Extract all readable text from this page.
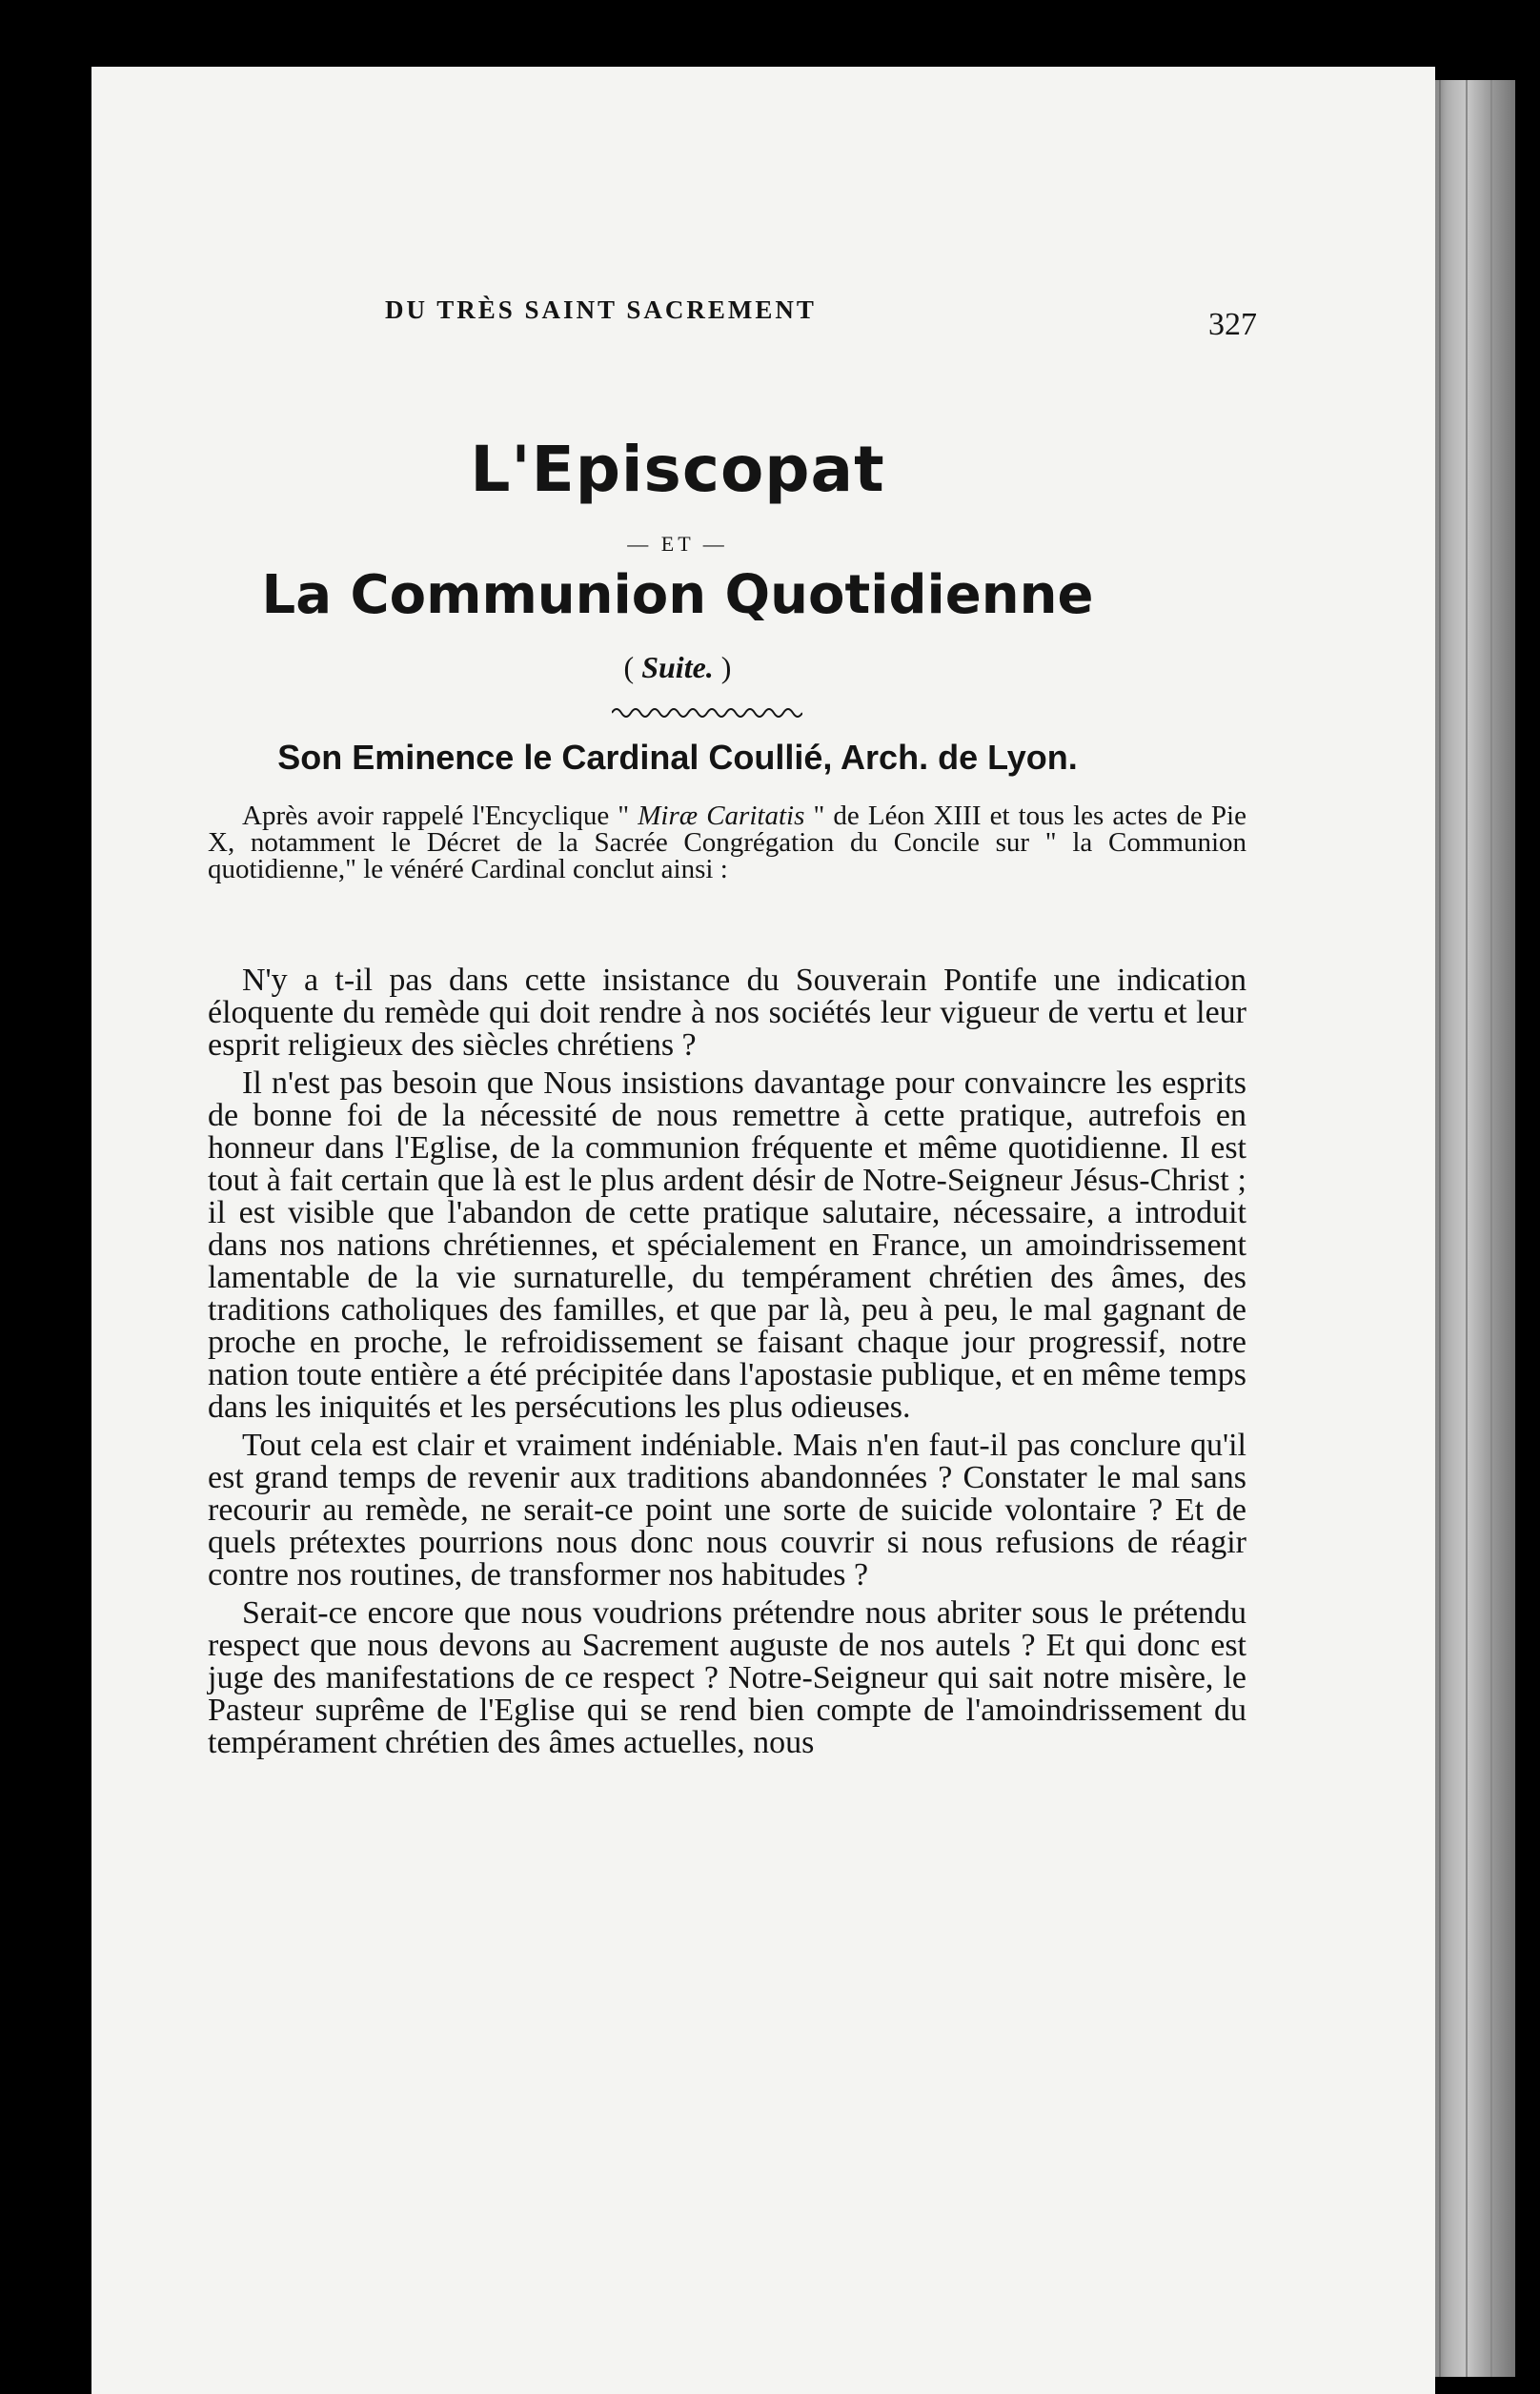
DU TRÈS SAINT SACREMENT	327
L'Episcopat
— ET —
La Communion Quotidienne
( Suite. )
Son Eminence le Cardinal Coullié, Arch. de Lyon.

Après avoir rappelé l'Encyclique " Miræ Caritatis " de Léon XIII et tous les actes de Pie X, notamment le Décret de la Sacrée Congrégation du Concile sur " la Communion quotidienne," le vénéré Cardinal conclut ainsi :

N'y a t-il pas dans cette insistance du Souverain Pontife une indication éloquente du remède qui doit rendre à nos sociétés leur vigueur de vertu et leur esprit religieux des siècles chrétiens ?

Il n'est pas besoin que Nous insistions davantage pour convaincre les esprits de bonne foi de la nécessité de nous remettre à cette pratique, autrefois en honneur dans l'Eglise, de la communion fréquente et même quotidienne. Il est tout à fait certain que là est le plus ardent désir de Notre-Seigneur Jésus-Christ ; il est visible que l'abandon de cette pratique salutaire, nécessaire, a introduit dans nos nations chrétiennes, et spécialement en France, un amoindrissement lamentable de la vie surnaturelle, du tempérament chrétien des âmes, des traditions catholiques des familles, et que par là, peu à peu, le mal gagnant de proche en proche, le refroidissement se faisant chaque jour progressif, notre nation toute entière a été précipitée dans l'apostasie publique, et en même temps dans les iniquités et les persécutions les plus odieuses.

Tout cela est clair et vraiment indéniable. Mais n'en faut-il pas conclure qu'il est grand temps de revenir aux traditions abandonnées ? Constater le mal sans recourir au remède, ne serait-ce point une sorte de suicide volontaire ? Et de quels prétextes pourrions nous donc nous couvrir si nous refusions de réagir contre nos routines, de transformer nos habitudes ?

Serait-ce encore que nous voudrions prétendre nous abriter sous le prétendu respect que nous devons au Sacrement auguste de nos autels ? Et qui donc est juge des manifestations de ce respect ? Notre-Seigneur qui sait notre misère, le Pasteur suprême de l'Eglise qui se rend bien compte de l'amoindrissement du tempérament chrétien des âmes actuelles, nous
